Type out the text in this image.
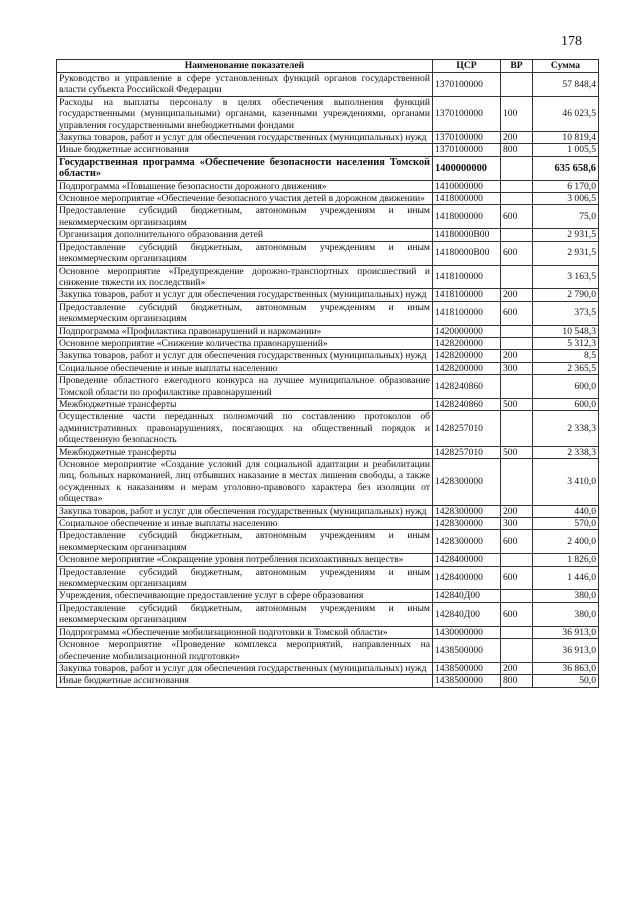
178
Наименование показателей	ЦСР	ВР	Сумма
Руководство и управление в сфере установленных функций органов государственной власти субъекта Российской Федерации	1370100000		57 848,4
Расходы на выплаты персоналу в целях обеспечения выполнения функций государственными (муниципальными) органами, казенными учреждениями, органами управления государственными внебюджетными фондами	1370100000	100	46 023,5
Закупка товаров, работ и услуг для обеспечения государственных (муниципальных) нужд	1370100000	200	10 819,4
Иные бюджетные ассигнования	1370100000	800	1 005,5
Государственная программа «Обеспечение безопасности населения Томской области»	1400000000		635 658,6
Подпрограмма «Повышение безопасности дорожного движения»	1410000000		6 170,0
Основное мероприятие «Обеспечение безопасного участия детей в дорожном движении»	1418000000		3 006,5
Предоставление субсидий бюджетным, автономным учреждениям и иным некоммерческим организациям	1418000000	600	75,0
Организация дополнительного образования детей	14180000В00		2 931,5
Предоставление субсидий бюджетным, автономным учреждениям и иным некоммерческим организациям	14180000В00	600	2 931,5
Основное мероприятие «Предупреждение дорожно-транспортных происшествий и снижение тяжести их последствий»	1418100000		3 163,5
Закупка товаров, работ и услуг для обеспечения государственных (муниципальных) нужд	1418100000	200	2 790,0
Предоставление субсидий бюджетным, автономным учреждениям и иным некоммерческим организациям	1418100000	600	373,5
Подпрограмма «Профилактика правонарушений и наркомании»	1420000000		10 548,3
Основное мероприятие «Снижение количества правонарушений»	1428200000		5 312,3
Закупка товаров, работ и услуг для обеспечения государственных (муниципальных) нужд	1428200000	200	8,5
Социальное обеспечение и иные выплаты населению	1428200000	300	2 365,5
Проведение областного ежегодного конкурса на лучшее муниципальное образование Томской области по профилактике правонарушений	1428240860		600,0
Межбюджетные трансферты	1428240860	500	600,0
Осуществление части переданных полномочий по составлению протоколов об административных правонарушениях, посягающих на общественный порядок и общественную безопасность	1428257010		2 338,3
Межбюджетные трансферты	1428257010	500	2 338,3
Основное мероприятие «Создание условий для социальной адаптации и реабилитации лиц, больных наркоманией, лиц отбывших наказание в местах лишения свободы, а также осужденных к наказаниям и мерам уголовно-правового характера без изоляции от общества»	1428300000		3 410,0
Закупка товаров, работ и услуг для обеспечения государственных (муниципальных) нужд	1428300000	200	440,0
Социальное обеспечение и иные выплаты населению	1428300000	300	570,0
Предоставление субсидий бюджетным, автономным учреждениям и иным некоммерческим организациям	1428300000	600	2 400,0
Основное мероприятие «Сокращение уровня потребления психоактивных веществ»	1428400000		1 826,0
Предоставление субсидий бюджетным, автономным учреждениям и иным некоммерческим организациям	1428400000	600	1 446,0
Учреждения, обеспечивающие предоставление услуг в сфере образования	142840Д00		380,0
Предоставление субсидий бюджетным, автономным учреждениям и иным некоммерческим организациям	142840Д00	600	380,0
Подпрограмма «Обеспечение мобилизационной подготовки в Томской области»	1430000000		36 913,0
Основное мероприятие «Проведение комплекса мероприятий, направленных на обеспечение мобилизационной подготовки»	1438500000		36 913,0
Закупка товаров, работ и услуг для обеспечения государственных (муниципальных) нужд	1438500000	200	36 863,0
Иные бюджетные ассигнования	1438500000	800	50,0
